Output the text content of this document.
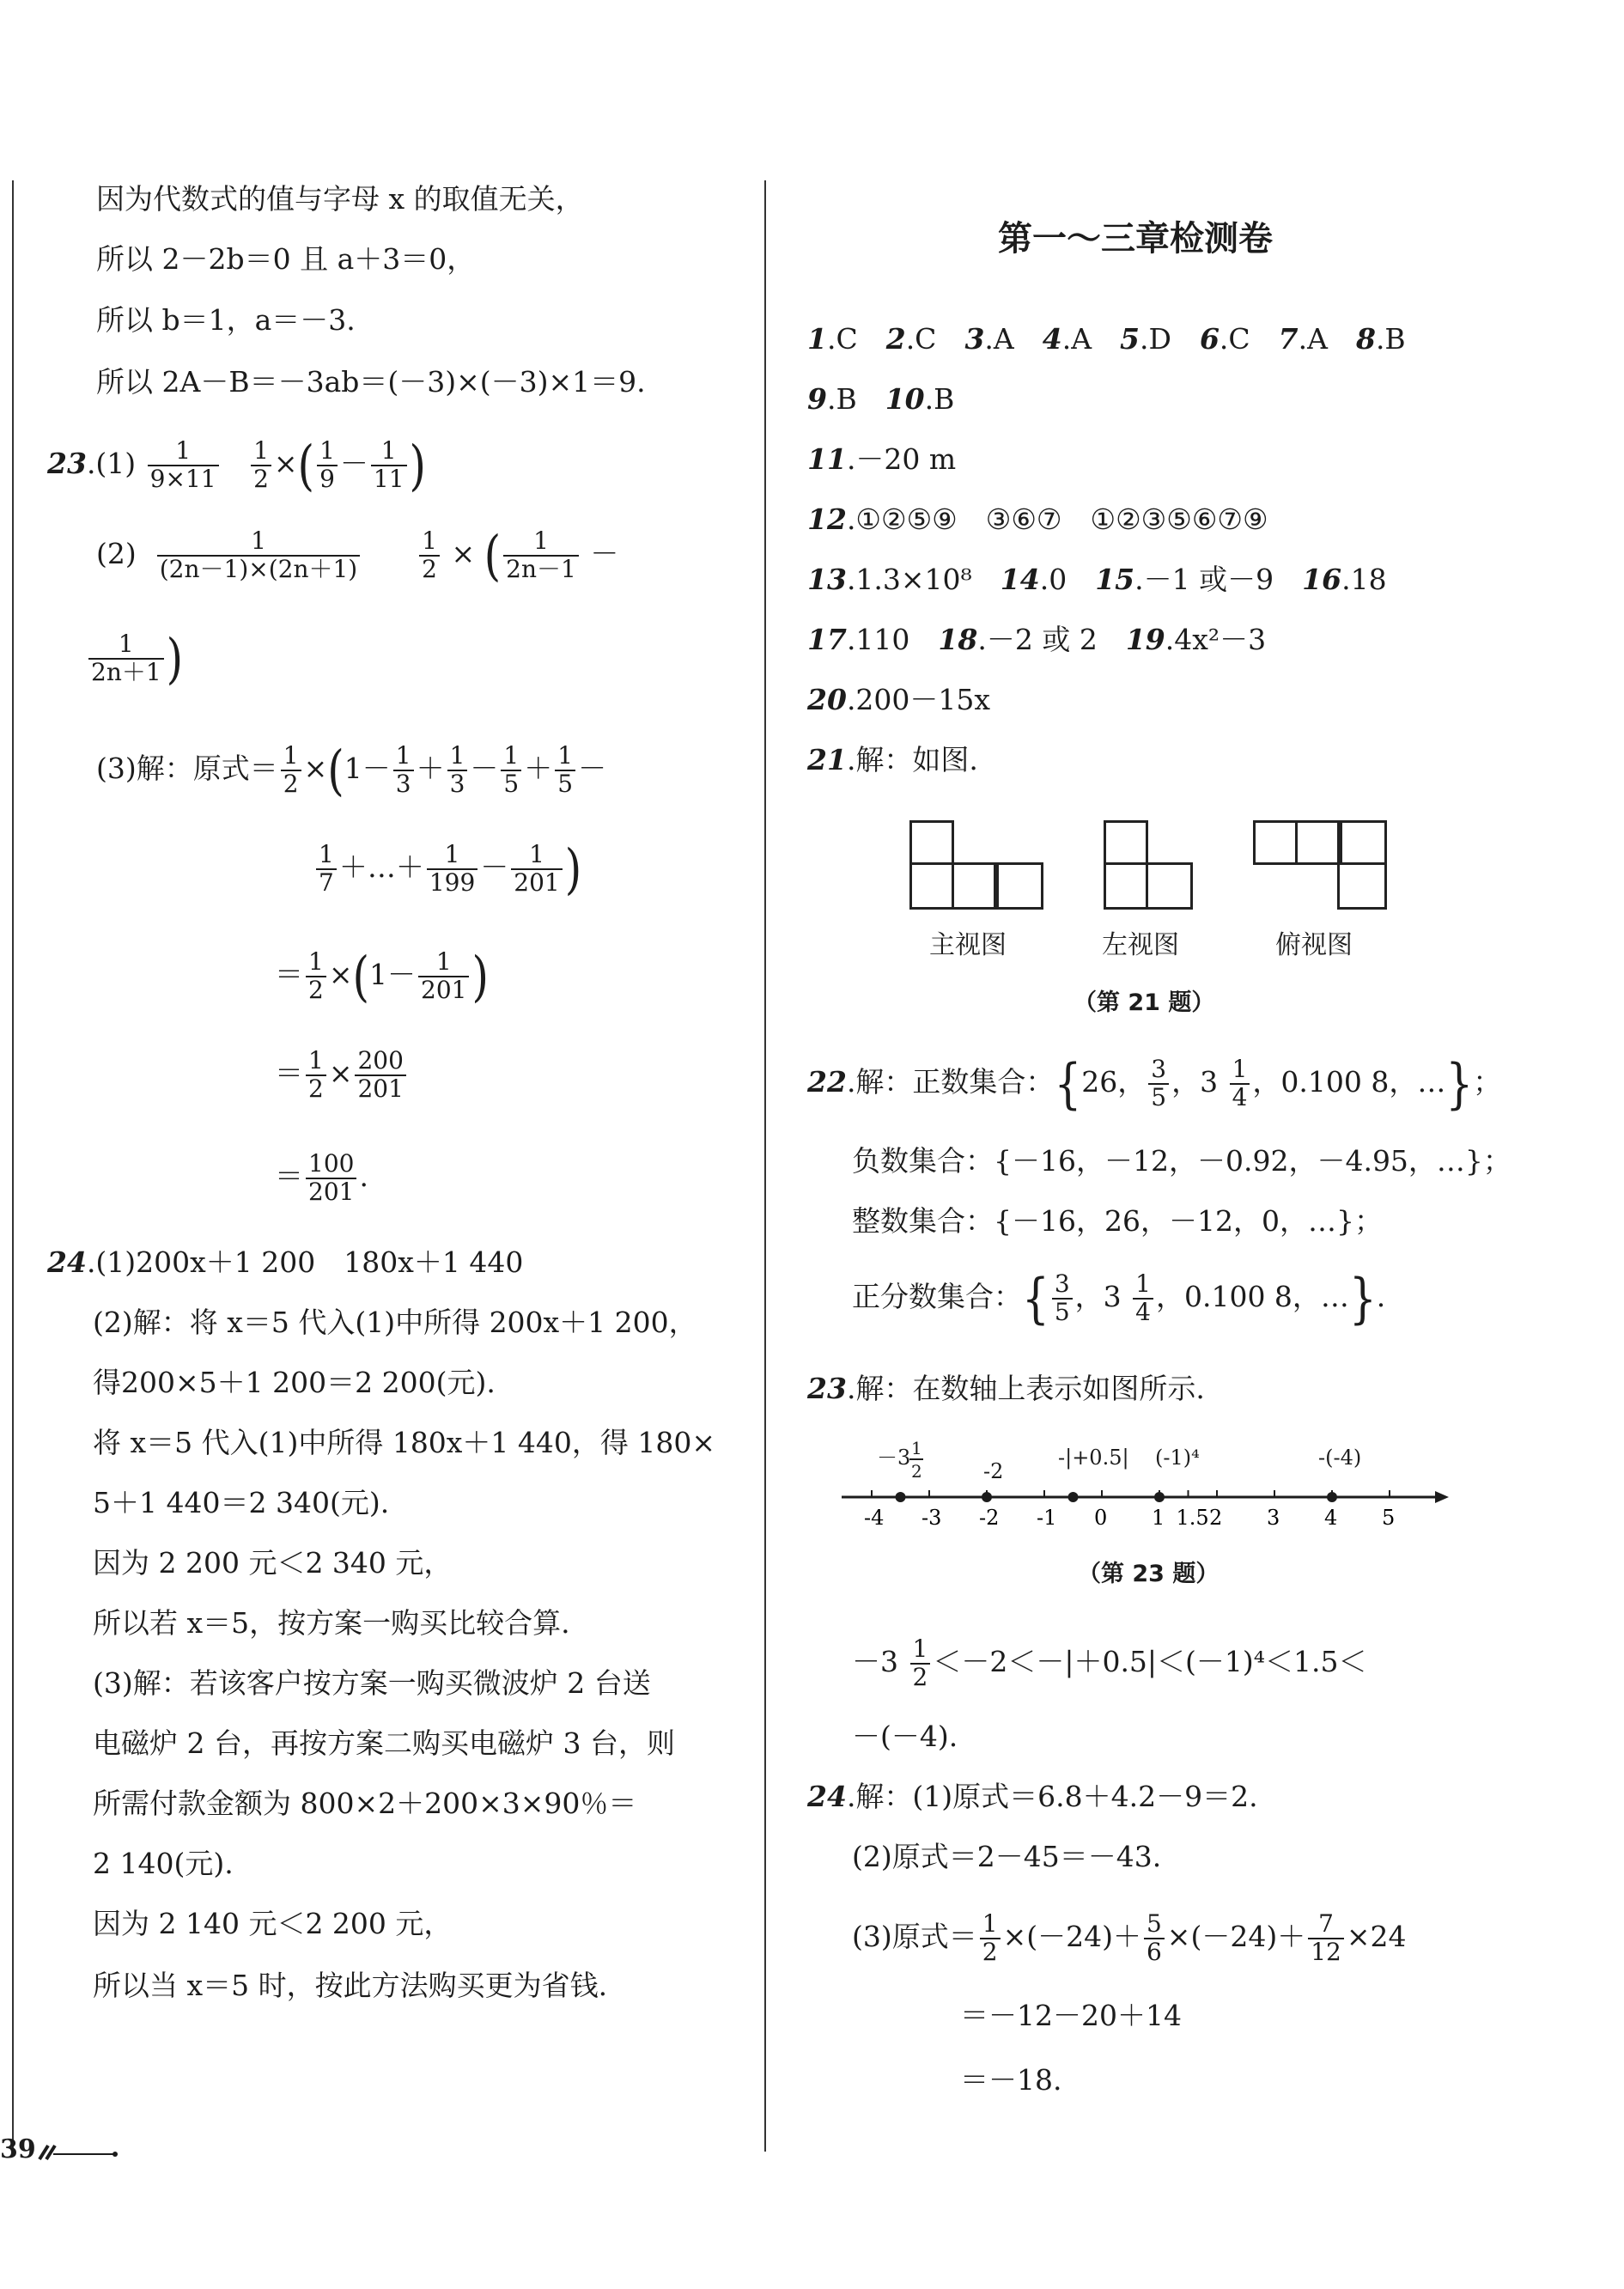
因为代数式的值与字母 x 的取值无关，
所以 2－2b＝0 且 a＋3＝0，
所以 b＝1，a＝－3.
所以 2A－B＝－3ab＝(－3)×(－3)×1＝9.
$23.(1) \frac{1}{9\times 11}$
$\frac{1}{2}$ ×( $\frac{1}{9} - \frac{1}{11}$ )
$(2) \frac{1}{(2n-1)\times(2n+1)}$
$\frac{1}{2}$ × ( $\frac{1}{2n-1}$ －
$\frac{1}{2n+1}$ )
(3)解：原式＝ $\frac{1}{2} \times(1- \frac{1}{3} + \frac{1}{3} - \frac{1}{5} + \frac{1}{5}$ －
$\frac{1}{7}$ ＋…＋ $\frac{1}{199} - \frac{1}{201}$ )
＝ $\frac{1}{2} \times(1- \frac{1}{201}$ )
＝ $\frac{1}{2} \times \frac{200}{201}$
＝ $\frac{100}{201}$ .
24.(1)200x＋1 200　180x＋1 440
(2)解：将 x＝5 代入(1)中所得 200x＋1 200，
得200×5＋1 200＝2 200(元).
将 x＝5 代入(1)中所得 180x＋1 440，得 180×
5＋1 440＝2 340(元).
因为 2 200 元＜2 340 元，
所以若 x＝5，按方案一购买比较合算.
(3)解：若该客户按方案一购买微波炉 2 台送
电磁炉 2 台，再按方案二购买电磁炉 3 台，则
所需付款金额为 800×2＋200×3×90％＝
2 140(元).
因为 2 140 元＜2 200 元，
所以当 x＝5 时，按此方法购买更为省钱.
第一～三章检测卷
1.C  2.C  3.A  4.A  5.D  6.C  7.A  8.B
9.B  10.B
11.－20 m
12.①②⑤⑨　③⑥⑦　①②③⑤⑥⑦⑨
13.1.3×10⁸  14.0  15.－1 或－9  16.18
17.110  18.－2 或 2  19.4x²－3
20.200－15x
21.解：如图.
主视图	左视图	俯视图
（第 21 题）
22.解：正数集合：{26， $\frac{3}{5}$ ，$3 \frac{1}{4}$ ，0.100 8，…}；
负数集合：{－16，－12，－0.92，－4.95，…}；
整数集合：{－16，26，－12，0，…}；
正分数集合：{ $\frac{3}{5}$ ，$3 \frac{1}{4}$ ，0.100 8，…}.
23.解：在数轴上表示如图所示.
-4 -3 -2 -1 0 1 1.5 2 3 4 5
－3 1
2	-2
-|+0.5| (-1)⁴	-(-4)
（第 23 题）
$-3 \frac{1}{2} <-2<-|+0.5|<(-1)^4<1.5<$
－(－4).
24.解：(1)原式＝6.8＋4.2－9＝2.
(2)原式＝2－45＝－43.
(3)原式＝ $\frac{1}{2} \times(-24)+ \frac{5}{6} \times(-24)+ \frac{7}{12} \times 24$
＝－12－20＋14
＝－18.
39
